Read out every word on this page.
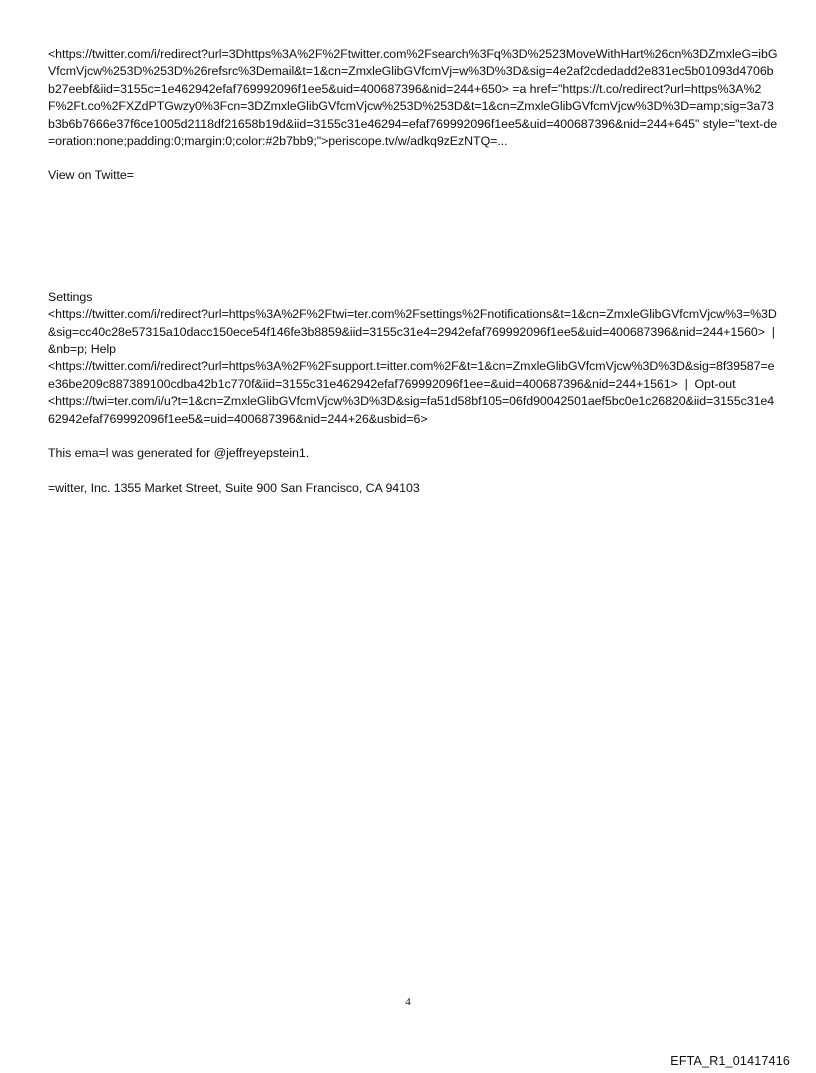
<https://twitter.com/i/redirect?url=3Dhttps%3A%2F%2Ftwitter.com%2Fsearch%3Fq%3D%2523MoveWithHart%26cn%3DZmxleG=ibGVfcmVjcw%253D%253D%26refsrc%3Demail&t=1&cn=ZmxleGlibGVfcmVj=w%3D%3D&sig=4e2af2cdedadd2e831ec5b01093d4706bb27eebf&iid=3155c=1e462942efaf769992096f1ee5&uid=400687396&nid=244+650> =a href="https://t.co/redirect?url=https%3A%2F%2Ft.co%2FXZdPTGwzy0%3Fcn=3DZmxleGlibGVfcmVjcw%253D%253D&t=1&cn=ZmxleGlibGVfcmVjcw%3D%3D=amp;sig=3a73b3b6b7666e37f6ce1005d2118df21658b19d&iid=3155c31e46294=efaf769992096f1ee5&uid=400687396&nid=244+645" style="text-de=oration:none;padding:0;margin:0;color:#2b7bb9;">periscope.tv/w/adkq9zEzNTQ=...

View on Twitte=

Settings

<https://twitter.com/i/redirect?url=https%3A%2F%2Ftwi=ter.com%2Fsettings%2Fnotifications&t=1&cn=ZmxleGlibGVfcmVjcw%3=%3D&sig=cc40c28e57315a10dacc150ece54f146fe3b8859&iid=3155c31e4=2942efaf769992096f1ee5&uid=400687396&nid=244+1560>  |&nb=p; Help

<https://twitter.com/i/redirect?url=https%3A%2F%2Fsupport.t=itter.com%2F&t=1&cn=ZmxleGlibGVfcmVjcw%3D%3D&sig=8f39587=ee36be209c887389100cdba42b1c770f&iid=3155c31e462942efaf769992096f1ee=&uid=400687396&nid=244+1561>  |  Opt-out

<https://twi=ter.com/i/u?t=1&cn=ZmxleGlibGVfcmVjcw%3D%3D&sig=fa51d58bf105=06fd90042501aef5bc0e1c26820&iid=3155c31e462942efaf769992096f1ee5&=uid=400687396&nid=244+26&usbid=6>

This ema=l was generated for @jeffreyepstein1.

=witter, Inc. 1355 Market Street, Suite 900 San Francisco, CA 94103

4
EFTA_R1_01417416
